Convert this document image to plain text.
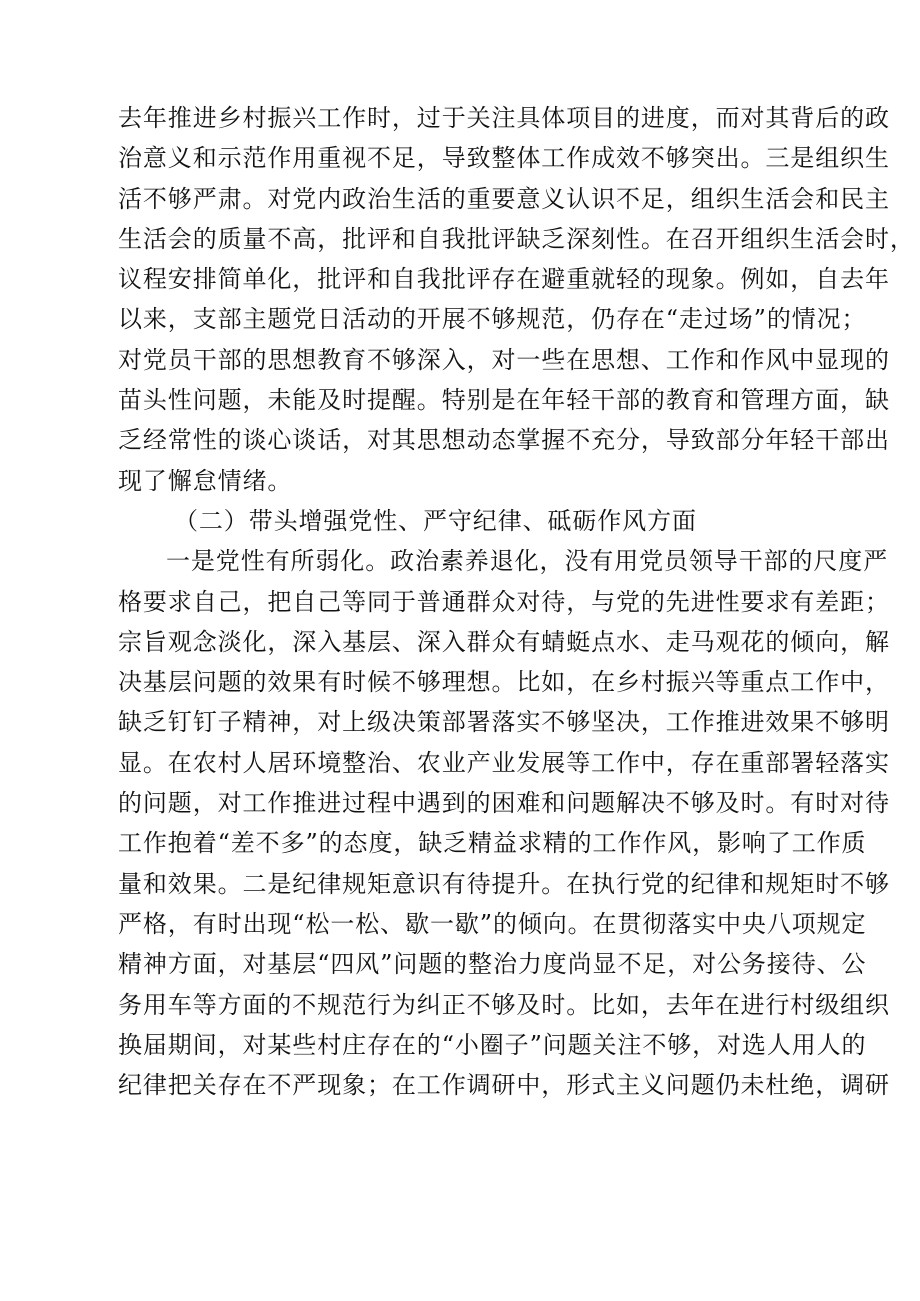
去年推进乡村振兴工作时，过于关注具体项目的进度，而对其背后的政
治意义和示范作用重视不足，导致整体工作成效不够突出。三是组织生
活不够严肃。对党内政治生活的重要意义认识不足，组织生活会和民主
生活会的质量不高，批评和自我批评缺乏深刻性。在召开组织生活会时，
议程安排简单化，批评和自我批评存在避重就轻的现象。例如，自去年
以来，支部主题党日活动的开展不够规范，仍存在“走过场”的情况；
对党员干部的思想教育不够深入，对一些在思想、工作和作风中显现的
苗头性问题，未能及时提醒。特别是在年轻干部的教育和管理方面，缺
乏经常性的谈心谈话，对其思想动态掌握不充分，导致部分年轻干部出
现了懈怠情绪。
（二）带头增强党性、严守纪律、砥砺作风方面
一是党性有所弱化。政治素养退化，没有用党员领导干部的尺度严
格要求自己，把自己等同于普通群众对待，与党的先进性要求有差距；
宗旨观念淡化，深入基层、深入群众有蜻蜓点水、走马观花的倾向，解
决基层问题的效果有时候不够理想。比如，在乡村振兴等重点工作中，
缺乏钉钉子精神，对上级决策部署落实不够坚决，工作推进效果不够明
显。在农村人居环境整治、农业产业发展等工作中，存在重部署轻落实
的问题，对工作推进过程中遇到的困难和问题解决不够及时。有时对待
工作抱着“差不多”的态度，缺乏精益求精的工作作风，影响了工作质
量和效果。二是纪律规矩意识有待提升。在执行党的纪律和规矩时不够
严格，有时出现“松一松、歇一歇”的倾向。在贯彻落实中央八项规定
精神方面，对基层“四风”问题的整治力度尚显不足，对公务接待、公
务用车等方面的不规范行为纠正不够及时。比如，去年在进行村级组织
换届期间，对某些村庄存在的“小圈子”问题关注不够，对选人用人的
纪律把关存在不严现象；在工作调研中，形式主义问题仍未杜绝，调研
